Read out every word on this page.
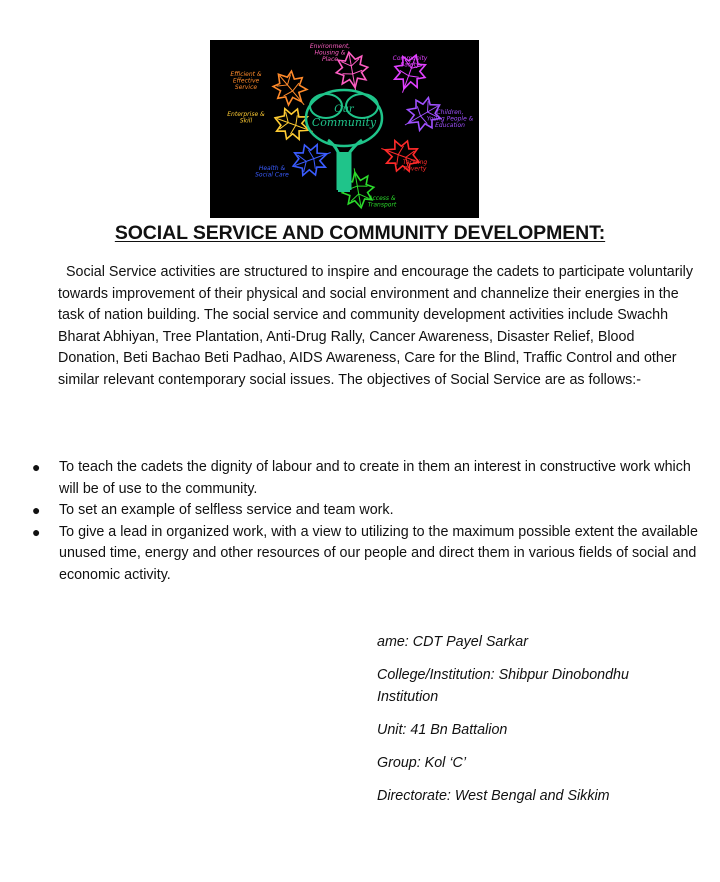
Our
Community
Environment, Housing & Place	Community Safety
Children, Young People & Education
Tackling Poverty
Access & Transport
Health & Social Care
Enterprise & Skill
Efficient & Effective Service
SOCIAL SERVICE AND COMMUNITY DEVELOPMENT:

Social Service activities are structured to inspire and encourage the cadets to participate voluntarily towards improvement of their physical and social environment and channelize their energies in the task of nation building. The social service and community development activities include Swachh Bharat Abhiyan, Tree Plantation, Anti-Drug Rally, Cancer Awareness, Disaster Relief, Blood Donation, Beti Bachao Beti Padhao, AIDS Awareness, Care for the Blind, Traffic Control and other similar relevant contemporary social issues. The objectives of Social Service are as follows:-

● To teach the cadets the dignity of labour and to create in them an interest in constructive work which will be of use to the community.
● To set an example of selfless service and team work.
● To give a lead in organized work, with a view to utilizing to the maximum possible extent the available unused time, energy and other resources of our people and direct them in various fields of social and economic activity.
ame: CDT Payel Sarkar
College/Institution: Shibpur Dinobondhu Institution
Unit: 41 Bn Battalion
Group: Kol ‘C’
Directorate: West Bengal and Sikkim
